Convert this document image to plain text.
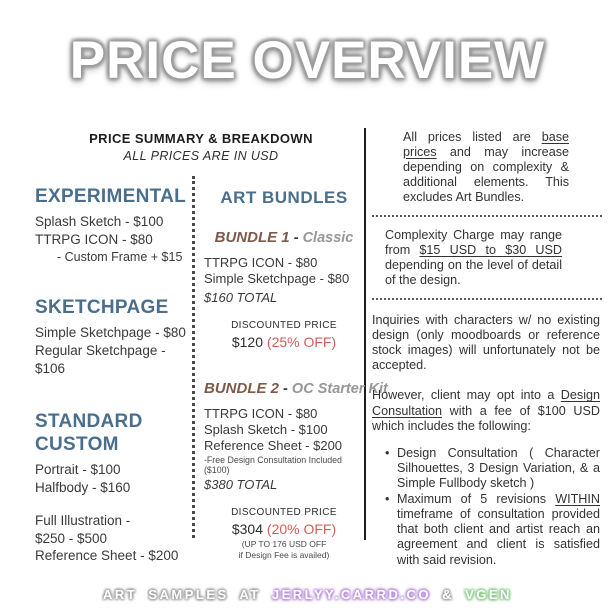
PRICE OVERVIEW
PRICE SUMMARY & BREAKDOWN
ALL PRICES ARE IN USD
EXPERIMENTAL
Splash Sketch - $100
TTRPG ICON - $80
- Custom Frame + $15
SKETCHPAGE
Simple Sketchpage - $80
Regular Sketchpage - $106
STANDARD CUSTOM
Portrait - $100
Halfbody - $160
Full Illustration -
$250 - $500
Reference Sheet - $200
ART BUNDLES
BUNDLE 1 - Classic
TTRPG ICON - $80
Simple Sketchpage - $80
$160 TOTAL
DISCOUNTED PRICE
$120 (25% OFF)
BUNDLE 2 - OC Starter Kit
TTRPG ICON - $80
Splash Sketch - $100
Reference Sheet - $200
-Free Design Consultation Included ($100)
$380 TOTAL
DISCOUNTED PRICE
$304 (20% OFF)
(UP TO 176 USD OFF
if Design Fee is availed)

All prices listed are base prices and may increase depending on complexity & additional elements. This excludes Art Bundles.

Complexity Charge may range from $15 USD to $30 USD depending on the level of detail of the design.

Inquiries with characters w/ no existing design (only moodboards or reference stock images) will unfortunately not be accepted.

However, client may opt into a Design Consultation with a fee of $100 USD which includes the following:

• Design Consultation ( Character Silhouettes, 3 Design Variation, & a Simple Fullbody sketch )
• Maximum of 5 revisions WITHIN timeframe of consultation provided that both client and artist reach an agreement and client is satisfied with said revision.
ART SAMPLES AT JERLYY.CARRD.CO & VGEN
